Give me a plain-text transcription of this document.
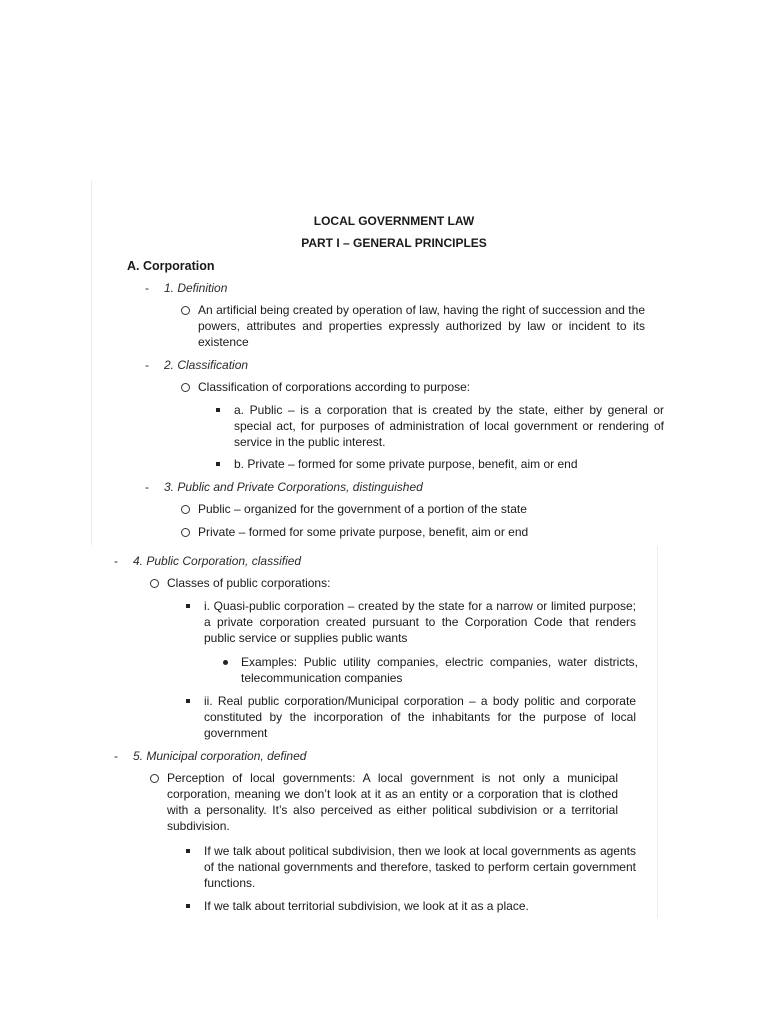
LOCAL GOVERNMENT LAW
PART I – GENERAL PRINCIPLES
A. Corporation
- 1. Definition
An artificial being created by operation of law, having the right of succession and the powers, attributes and properties expressly authorized by law or incident to its existence
- 2. Classification
Classification of corporations according to purpose:
a. Public – is a corporation that is created by the state, either by general or special act, for purposes of administration of local government or rendering of service in the public interest.
b. Private – formed for some private purpose, benefit, aim or end
- 3. Public and Private Corporations, distinguished
Public – organized for the government of a portion of the state
Private – formed for some private purpose, benefit, aim or end
- 4. Public Corporation, classified
Classes of public corporations:
i. Quasi-public corporation – created by the state for a narrow or limited purpose; a private corporation created pursuant to the Corporation Code that renders public service or supplies public wants
Examples: Public utility companies, electric companies, water districts, telecommunication companies
ii. Real public corporation/Municipal corporation – a body politic and corporate constituted by the incorporation of the inhabitants for the purpose of local government
- 5. Municipal corporation, defined
Perception of local governments: A local government is not only a municipal corporation, meaning we don’t look at it as an entity or a corporation that is clothed with a personality. It’s also perceived as either political subdivision or a territorial subdivision.
If we talk about political subdivision, then we look at local governments as agents of the national governments and therefore, tasked to perform certain government functions.
If we talk about territorial subdivision, we look at it as a place.
